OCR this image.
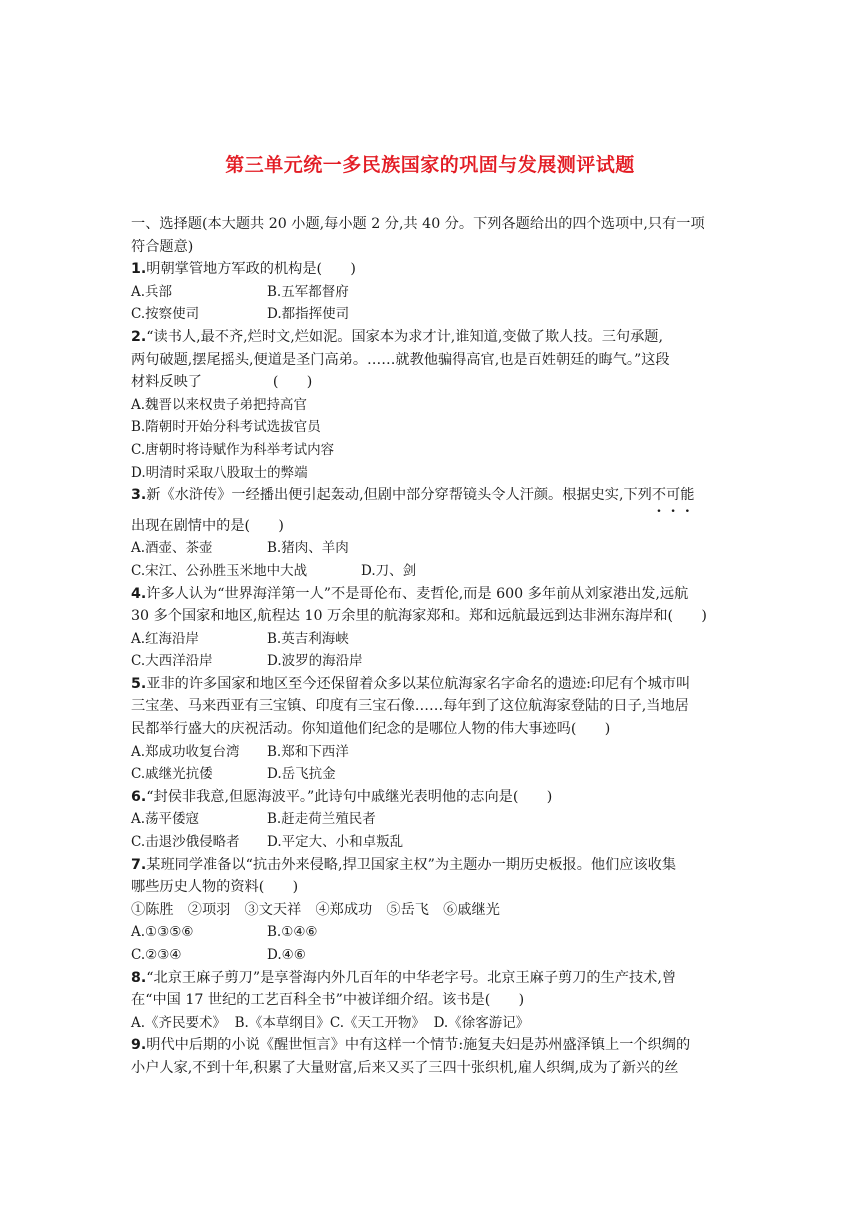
第三单元统一多民族国家的巩固与发展测评试题
一、选择题(本大题共 20 小题,每小题 2 分,共 40 分。下列各题给出的四个选项中,只有一项
符合题意)
1.明朝掌管地方军政的机构是(　　)
A.兵部	B.五军都督府
C.按察使司	D.都指挥使司
2.“读书人,最不齐,烂时文,烂如泥。国家本为求才计,谁知道,变做了欺人技。三句承题,
两句破题,摆尾摇头,便道是圣门高弟。……就教他骗得高官,也是百姓朝廷的晦气。”这段
材料反映了　　　　　(　　)
A.魏晋以来权贵子弟把持高官
B.隋朝时开始分科考试选拔官员
C.唐朝时将诗赋作为科举考试内容
D.明清时采取八股取士的弊端
3.新《水浒传》一经播出便引起轰动,但剧中部分穿帮镜头令人汗颜。根据史实,下列不可能
出现在剧情中的是(　　)
A.酒壶、茶壶	B.猪肉、羊肉
C.宋江、公孙胜玉米地中大战	D.刀、剑
4.许多人认为“世界海洋第一人”不是哥伦布、麦哲伦,而是 600 多年前从刘家港出发,远航
30 多个国家和地区,航程达 10 万余里的航海家郑和。郑和远航最远到达非洲东海岸和(　　)
A.红海沿岸	B.英吉利海峡
C.大西洋沿岸	D.波罗的海沿岸
5.亚非的许多国家和地区至今还保留着众多以某位航海家名字命名的遗迹:印尼有个城市叫
三宝垄、马来西亚有三宝镇、印度有三宝石像……每年到了这位航海家登陆的日子,当地居
民都举行盛大的庆祝活动。你知道他们纪念的是哪位人物的伟大事迹吗(　　)
A.郑成功收复台湾 B.郑和下西洋
C.戚继光抗倭	D.岳飞抗金
6.“封侯非我意,但愿海波平。”此诗句中戚继光表明他的志向是(　　)
A.荡平倭寇	B.赶走荷兰殖民者
C.击退沙俄侵略者 D.平定大、小和卓叛乱
7.某班同学准备以“抗击外来侵略,捍卫国家主权”为主题办一期历史板报。他们应该收集
哪些历史人物的资料(　　)
①陈胜　②项羽　③文天祥　④郑成功　⑤岳飞　⑥戚继光
A.①③⑤⑥	B.①④⑥
C.②③④	D.④⑥
8.“北京王麻子剪刀”是享誉海内外几百年的中华老字号。北京王麻子剪刀的生产技术,曾
在“中国 17 世纪的工艺百科全书”中被详细介绍。该书是(　　)
A.《齐民要术》 B.《本草纲目》C.《天工开物》 D.《徐客游记》
9.明代中后期的小说《醒世恒言》中有这样一个情节:施复夫妇是苏州盛泽镇上一个织绸的
小户人家,不到十年,积累了大量财富,后来又买了三四十张织机,雇人织绸,成为了新兴的丝
